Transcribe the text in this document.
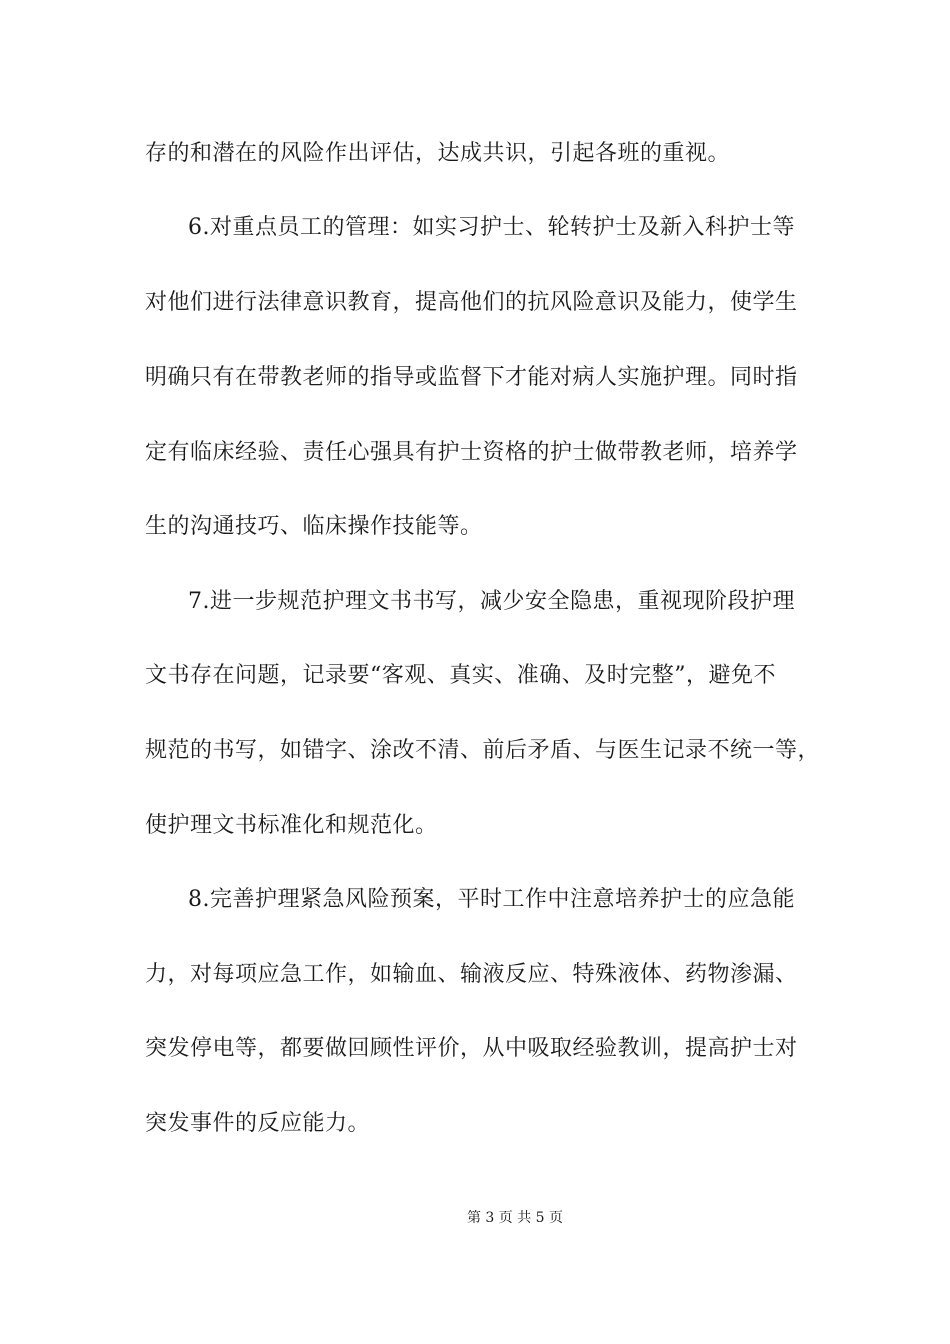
存的和潜在的风险作出评估，达成共识，引起各班的重视。
6.对重点员工的管理：如实习护士、轮转护士及新入科护士等
对他们进行法律意识教育，提高他们的抗风险意识及能力，使学生
明确只有在带教老师的指导或监督下才能对病人实施护理。同时指
定有临床经验、责任心强具有护士资格的护士做带教老师，培养学
生的沟通技巧、临床操作技能等。
7.进一步规范护理文书书写，减少安全隐患，重视现阶段护理
文书存在问题，记录要“客观、真实、准确、及时完整”，避免不
规范的书写，如错字、涂改不清、前后矛盾、与医生记录不统一等，
使护理文书标准化和规范化。
8.完善护理紧急风险预案，平时工作中注意培养护士的应急能
力，对每项应急工作，如输血、输液反应、特殊液体、药物渗漏、
突发停电等，都要做回顾性评价，从中吸取经验教训，提高护士对
突发事件的反应能力。
第 3 页 共 5 页
